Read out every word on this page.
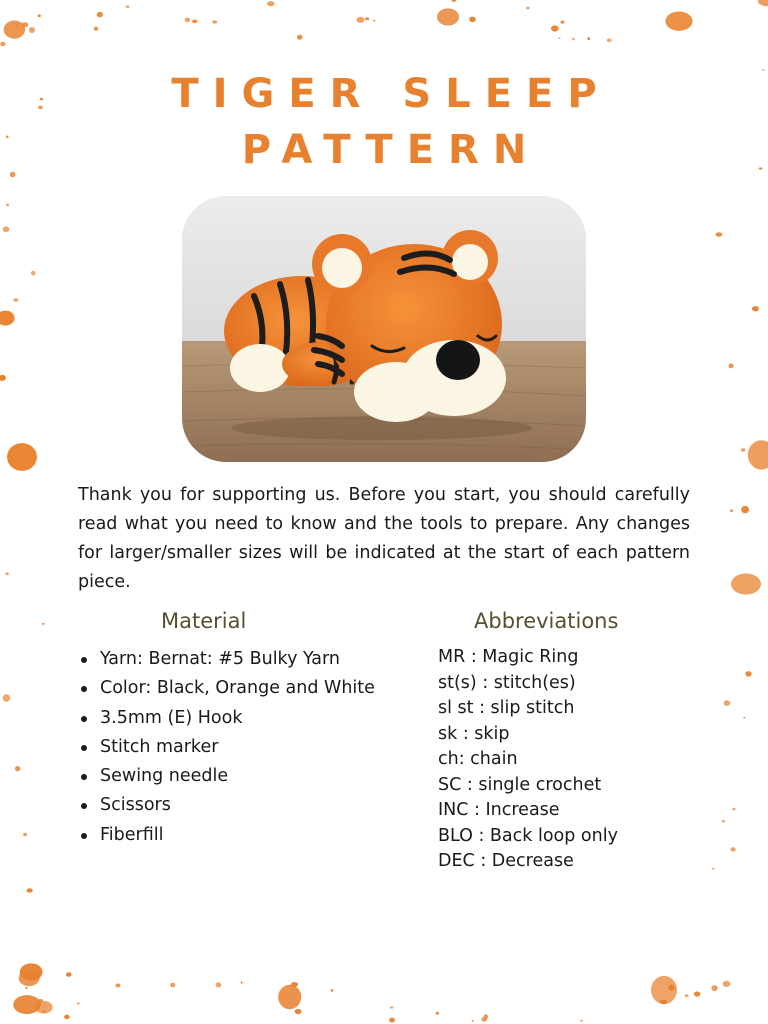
TIGER SLEEP
PATTERN
Thank you for supporting us. Before you start, you should carefully read what you need to know and the tools to prepare. Any changes for larger/smaller sizes will be indicated at the start of each pattern piece.
Material	Abbreviations
Yarn: Bernat: #5 Bulky Yarn
Color: Black, Orange and White
3.5mm (E) Hook
Stitch marker
Sewing needle
Scissors
Fiberfill
MR : Magic Ring
st(s) : stitch(es)
sl st : slip stitch
sk : skip
ch: chain
SC : single crochet
INC : Increase
BLO : Back loop only
DEC : Decrease
